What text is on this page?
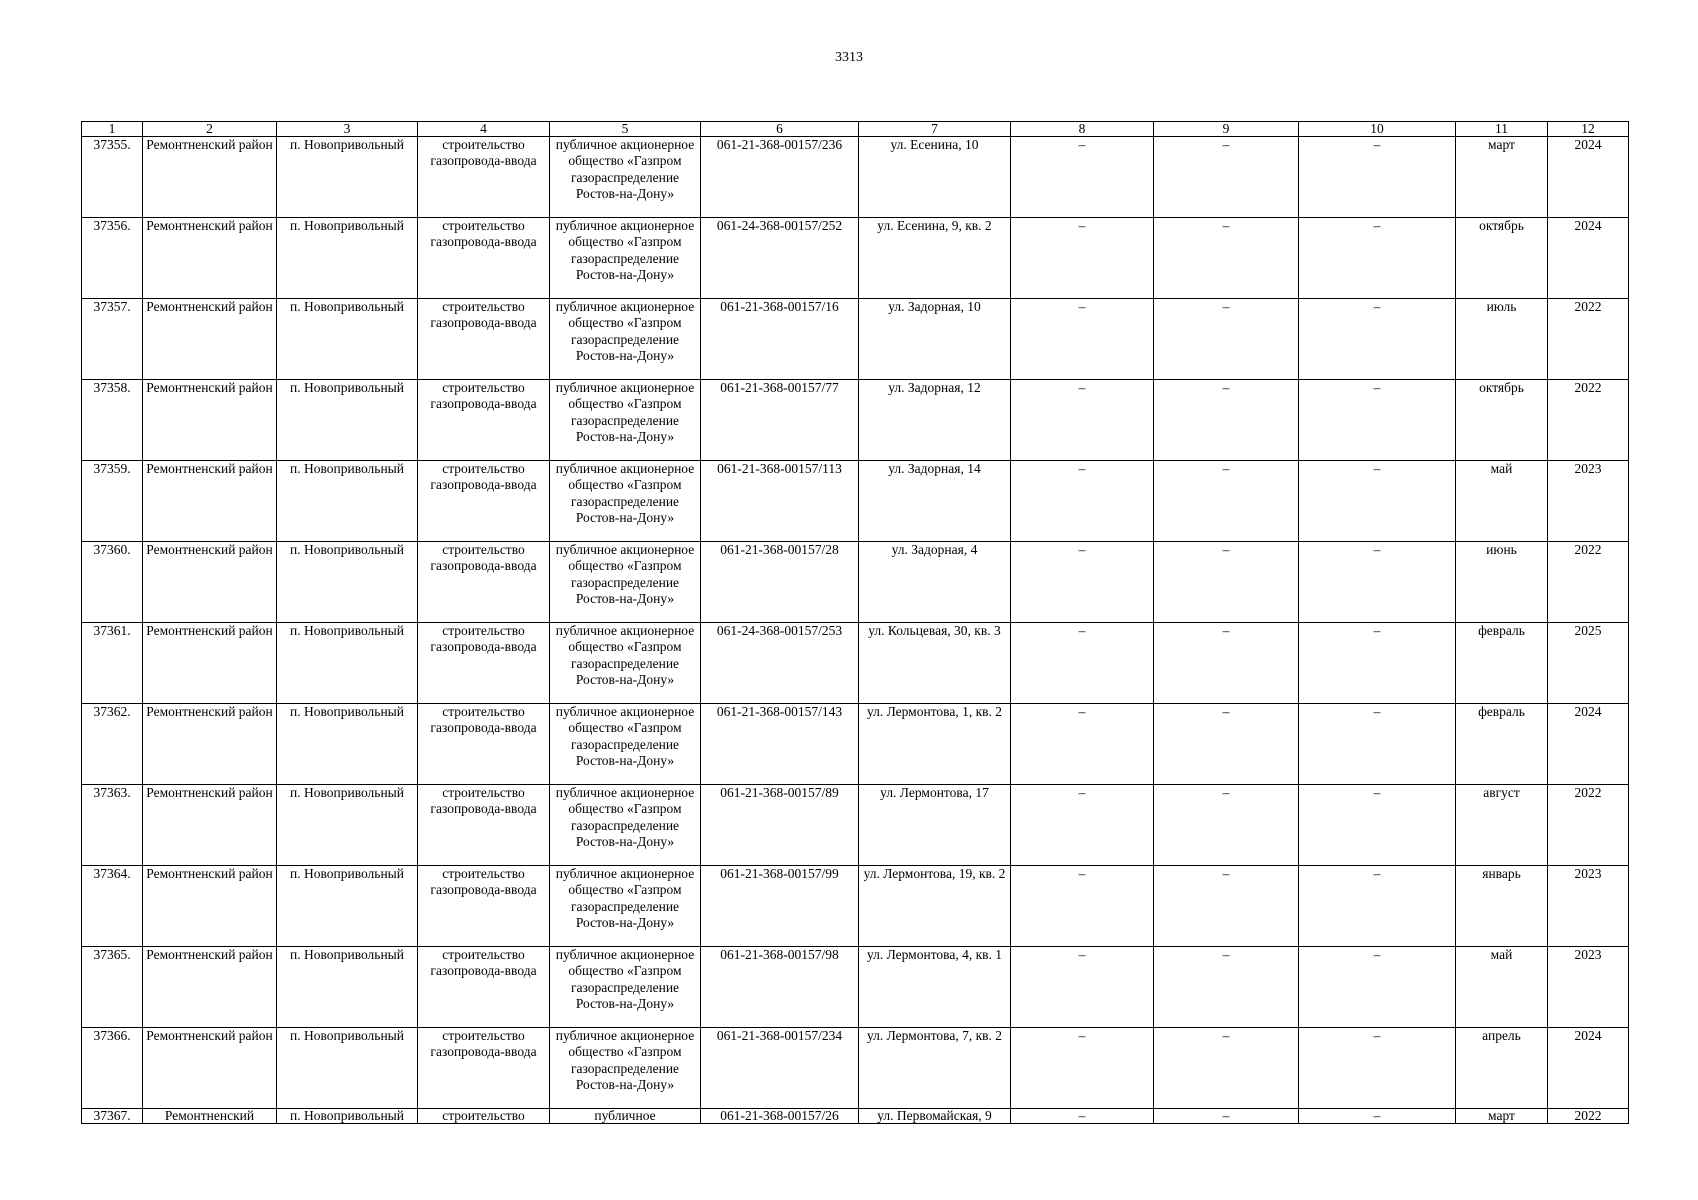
3313
1	2	3	4	5	6	7	8	9	10	11	12
37355.	Ремонтненский район	п. Новопривольный	строительство газопровода-ввода	публичное акционерное общество «Газпром газораспределение Ростов-на-Дону»	061-21-368-00157/236	ул. Есенина, 10	–	–	–	март	2024
37356.	Ремонтненский район	п. Новопривольный	строительство газопровода-ввода	публичное акционерное общество «Газпром газораспределение Ростов-на-Дону»	061-24-368-00157/252	ул. Есенина, 9, кв. 2	–	–	–	октябрь	2024
37357.	Ремонтненский район	п. Новопривольный	строительство газопровода-ввода	публичное акционерное общество «Газпром газораспределение Ростов-на-Дону»	061-21-368-00157/16	ул. Задорная, 10	–	–	–	июль	2022
37358.	Ремонтненский район	п. Новопривольный	строительство газопровода-ввода	публичное акционерное общество «Газпром газораспределение Ростов-на-Дону»	061-21-368-00157/77	ул. Задорная, 12	–	–	–	октябрь	2022
37359.	Ремонтненский район	п. Новопривольный	строительство газопровода-ввода	публичное акционерное общество «Газпром газораспределение Ростов-на-Дону»	061-21-368-00157/113	ул. Задорная, 14	–	–	–	май	2023
37360.	Ремонтненский район	п. Новопривольный	строительство газопровода-ввода	публичное акционерное общество «Газпром газораспределение Ростов-на-Дону»	061-21-368-00157/28	ул. Задорная, 4	–	–	–	июнь	2022
37361.	Ремонтненский район	п. Новопривольный	строительство газопровода-ввода	публичное акционерное общество «Газпром газораспределение Ростов-на-Дону»	061-24-368-00157/253	ул. Кольцевая, 30, кв. 3	–	–	–	февраль	2025
37362.	Ремонтненский район	п. Новопривольный	строительство газопровода-ввода	публичное акционерное общество «Газпром газораспределение Ростов-на-Дону»	061-21-368-00157/143	ул. Лермонтова, 1, кв. 2	–	–	–	февраль	2024
37363.	Ремонтненский район	п. Новопривольный	строительство газопровода-ввода	публичное акционерное общество «Газпром газораспределение Ростов-на-Дону»	061-21-368-00157/89	ул. Лермонтова, 17	–	–	–	август	2022
37364.	Ремонтненский район	п. Новопривольный	строительство газопровода-ввода	публичное акционерное общество «Газпром газораспределение Ростов-на-Дону»	061-21-368-00157/99	ул. Лермонтова, 19, кв. 2	–	–	–	январь	2023
37365.	Ремонтненский район	п. Новопривольный	строительство газопровода-ввода	публичное акционерное общество «Газпром газораспределение Ростов-на-Дону»	061-21-368-00157/98	ул. Лермонтова, 4, кв. 1	–	–	–	май	2023
37366.	Ремонтненский район	п. Новопривольный	строительство газопровода-ввода	публичное акционерное общество «Газпром газораспределение Ростов-на-Дону»	061-21-368-00157/234	ул. Лермонтова, 7, кв. 2	–	–	–	апрель	2024
37367.	Ремонтненский	п. Новопривольный	строительство	публичное	061-21-368-00157/26	ул. Первомайская, 9	–	–	–	март	2022
